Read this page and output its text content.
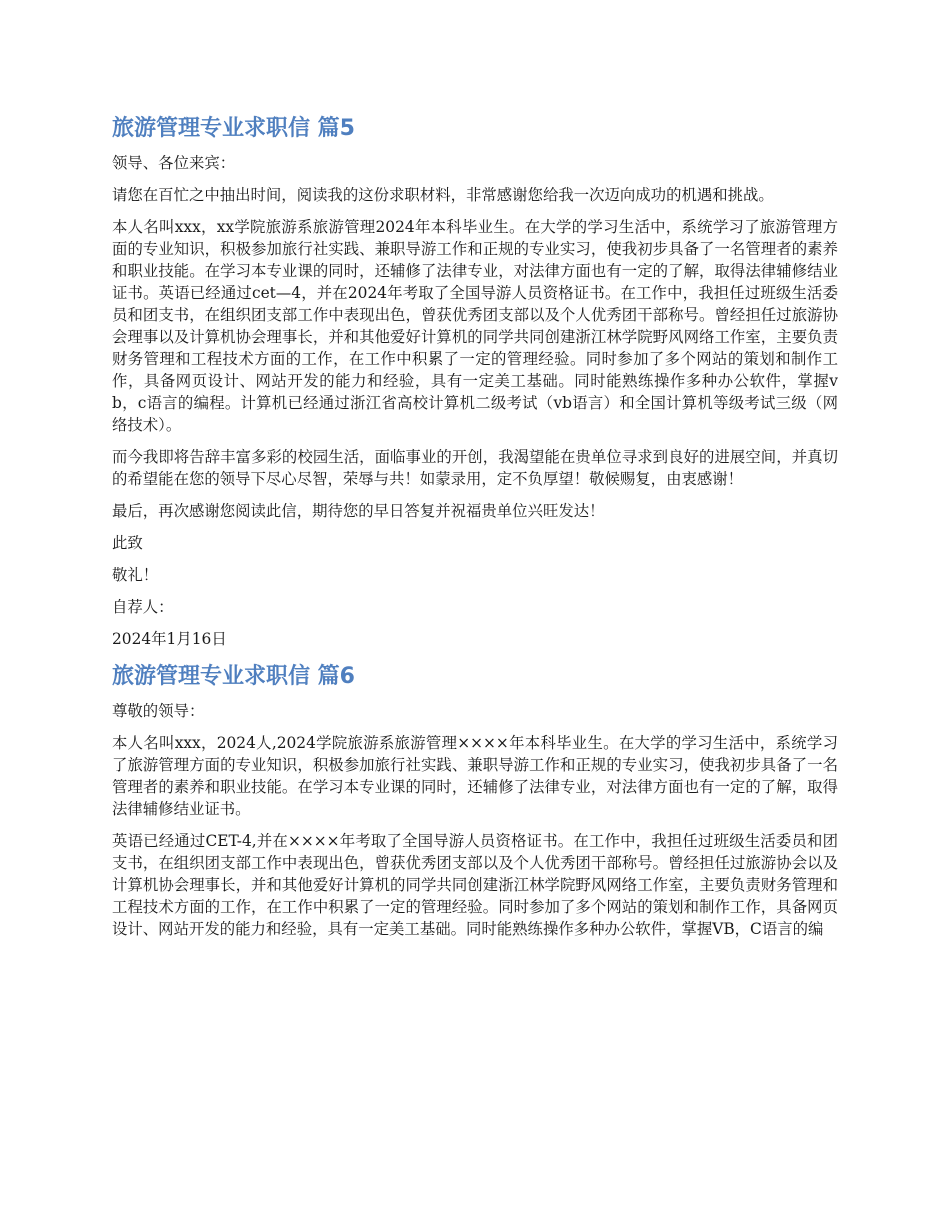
旅游管理专业求职信 篇5

领导、各位来宾：

请您在百忙之中抽出时间，阅读我的这份求职材料，非常感谢您给我一次迈向成功的机遇和挑战。

本人名叫xxx，xx学院旅游系旅游管理2024年本科毕业生。在大学的学习生活中，系统学习了旅游管理方面的专业知识，积极参加旅行社实践、兼职导游工作和正规的专业实习，使我初步具备了一名管理者的素养和职业技能。在学习本专业课的同时，还辅修了法律专业，对法律方面也有一定的了解，取得法律辅修结业证书。英语已经通过cet—4，并在2024年考取了全国导游人员资格证书。在工作中，我担任过班级生活委员和团支书，在组织团支部工作中表现出色，曾获优秀团支部以及个人优秀团干部称号。曾经担任过旅游协会理事以及计算机协会理事长，并和其他爱好计算机的同学共同创建浙江林学院野风网络工作室，主要负责财务管理和工程技术方面的工作，在工作中积累了一定的管理经验。同时参加了多个网站的策划和制作工作，具备网页设计、网站开发的能力和经验，具有一定美工基础。同时能熟练操作多种办公软件，掌握vb，c语言的编程。计算机已经通过浙江省高校计算机二级考试（vb语言）和全国计算机等级考试三级（网络技术）。

而今我即将告辞丰富多彩的校园生活，面临事业的开创，我渴望能在贵单位寻求到良好的进展空间，并真切的希望能在您的领导下尽心尽智，荣辱与共！如蒙录用，定不负厚望！敬候赐复，由衷感谢！

最后，再次感谢您阅读此信，期待您的早日答复并祝福贵单位兴旺发达！

此致

敬礼！

自荐人：

2024年1月16日

旅游管理专业求职信 篇6

尊敬的领导：

本人名叫xxx，2024人,2024学院旅游系旅游管理××××年本科毕业生。在大学的学习生活中，系统学习了旅游管理方面的专业知识，积极参加旅行社实践、兼职导游工作和正规的专业实习，使我初步具备了一名管理者的素养和职业技能。在学习本专业课的同时，还辅修了法律专业，对法律方面也有一定的了解，取得法律辅修结业证书。

英语已经通过CET-4,并在××××年考取了全国导游人员资格证书。在工作中，我担任过班级生活委员和团支书，在组织团支部工作中表现出色，曾获优秀团支部以及个人优秀团干部称号。曾经担任过旅游协会以及计算机协会理事长，并和其他爱好计算机的同学共同创建浙江林学院野风网络工作室，主要负责财务管理和工程技术方面的工作，在工作中积累了一定的管理经验。同时参加了多个网站的策划和制作工作，具备网页设计、网站开发的能力和经验，具有一定美工基础。同时能熟练操作多种办公软件，掌握VB，C语言的编
